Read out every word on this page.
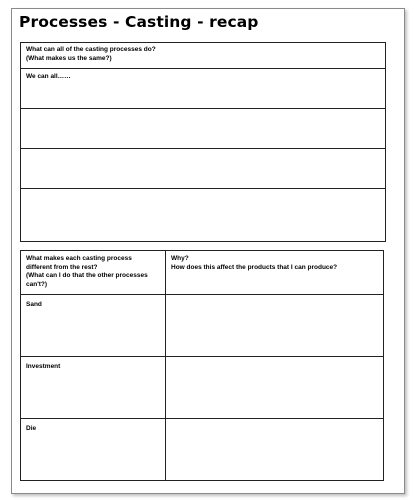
Processes - Casting - recap
What can all of the casting processes do?
(What makes us the same?)
We can all……
What makes each casting process
different from the rest?
(What can I do that the other processes
can't?)
Why?
How does this affect the products that I can produce?
Sand
Investment
Die
